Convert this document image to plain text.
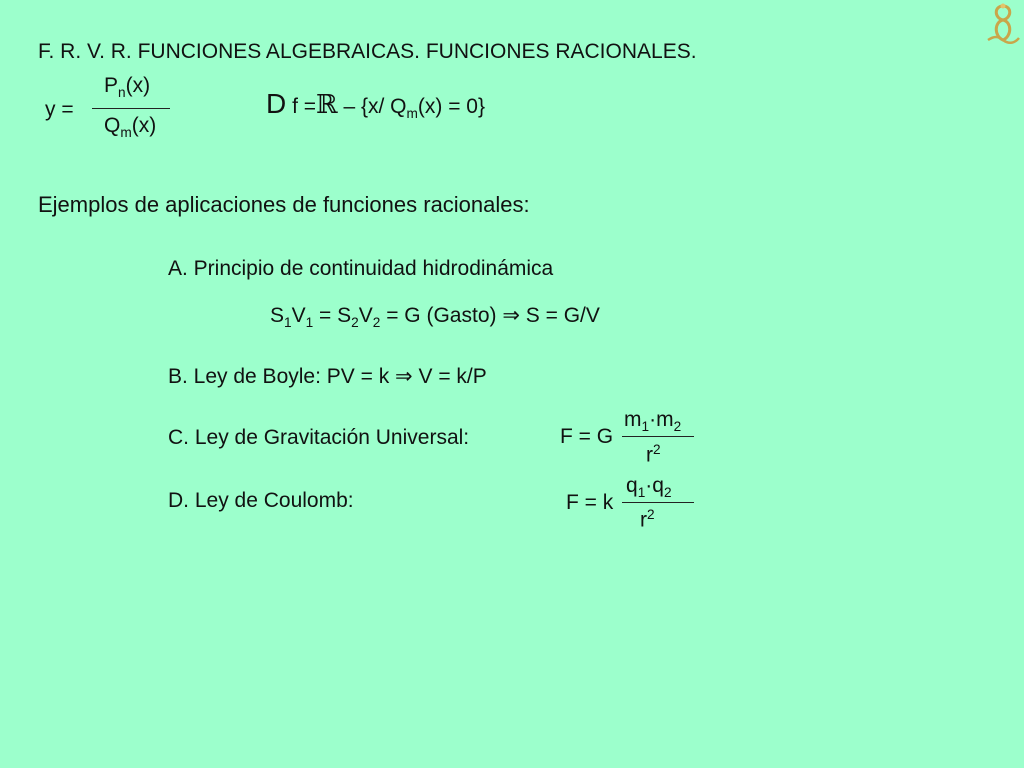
F. R. V. R. FUNCIONES ALGEBRAICAS. FUNCIONES RACIONALES.
y =
$P_n(x)$
$Q_m(x)$
D f =ℝ – {x/ $Q_m(x) = 0$}
Ejemplos de aplicaciones de funciones racionales:
A. Principio de continuidad hidrodinámica
$S_1V_1 = S_2V_2 = G$ (Gasto) ⇒ S = G/V
B. Ley de Boyle: PV = k ⇒ V = k/P
C. Ley de Gravitación Universal:	F = G
$m_1\cdot m_2$
$r^2$
D. Ley de Coulomb:	F = k
$q_1\cdot q_2$
$r^2$
